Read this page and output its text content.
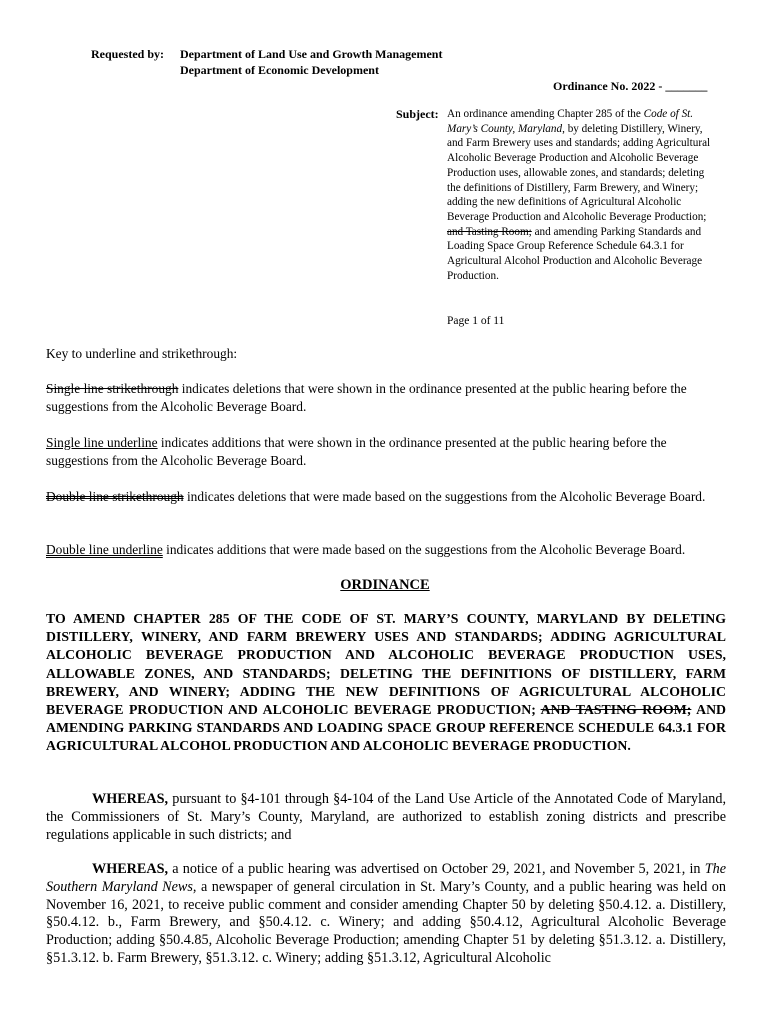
Requested by: Department of Land Use and Growth Management
Department of Economic Development
Ordinance No. 2022 - _______
Subject: An ordinance amending Chapter 285 of the Code of St. Mary’s County, Maryland, by deleting Distillery, Winery, and Farm Brewery uses and standards; adding Agricultural Alcoholic Beverage Production and Alcoholic Beverage Production uses, allowable zones, and standards; deleting the definitions of Distillery, Farm Brewery, and Winery; adding the new definitions of Agricultural Alcoholic Beverage Production and Alcoholic Beverage Production; and Tasting Room; and amending Parking Standards and Loading Space Group Reference Schedule 64.3.1 for Agricultural Alcohol Production and Alcoholic Beverage Production.
Page 1 of 11
Key to underline and strikethrough:
Single line strikethrough indicates deletions that were shown in the ordinance presented at the public hearing before the suggestions from the Alcoholic Beverage Board.
Single line underline indicates additions that were shown in the ordinance presented at the public hearing before the suggestions from the Alcoholic Beverage Board.
Double line strikethrough indicates deletions that were made based on the suggestions from the Alcoholic Beverage Board.
Double line underline indicates additions that were made based on the suggestions from the Alcoholic Beverage Board.
ORDINANCE
TO AMEND CHAPTER 285 OF THE CODE OF ST. MARY’S COUNTY, MARYLAND BY DELETING DISTILLERY, WINERY, AND FARM BREWERY USES AND STANDARDS; ADDING AGRICULTURAL ALCOHOLIC BEVERAGE PRODUCTION AND ALCOHOLIC BEVERAGE PRODUCTION USES, ALLOWABLE ZONES, AND STANDARDS; DELETING THE DEFINITIONS OF DISTILLERY, FARM BREWERY, AND WINERY; ADDING THE NEW DEFINITIONS OF AGRICULTURAL ALCOHOLIC BEVERAGE PRODUCTION AND ALCOHOLIC BEVERAGE PRODUCTION; AND TASTING ROOM; AND AMENDING PARKING STANDARDS AND LOADING SPACE GROUP REFERENCE SCHEDULE 64.3.1 FOR AGRICULTURAL ALCOHOL PRODUCTION AND ALCOHOLIC BEVERAGE PRODUCTION.
WHEREAS, pursuant to §4-101 through §4-104 of the Land Use Article of the Annotated Code of Maryland, the Commissioners of St. Mary’s County, Maryland, are authorized to establish zoning districts and prescribe regulations applicable in such districts; and
WHEREAS, a notice of a public hearing was advertised on October 29, 2021, and November 5, 2021, in The Southern Maryland News, a newspaper of general circulation in St. Mary’s County, and a public hearing was held on November 16, 2021, to receive public comment and consider amending Chapter 50 by deleting §50.4.12. a. Distillery, §50.4.12. b., Farm Brewery, and §50.4.12. c. Winery; and adding §50.4.12, Agricultural Alcoholic Beverage Production; adding §50.4.85, Alcoholic Beverage Production; amending Chapter 51 by deleting §51.3.12. a. Distillery, §51.3.12. b. Farm Brewery, §51.3.12. c. Winery; adding §51.3.12, Agricultural Alcoholic
